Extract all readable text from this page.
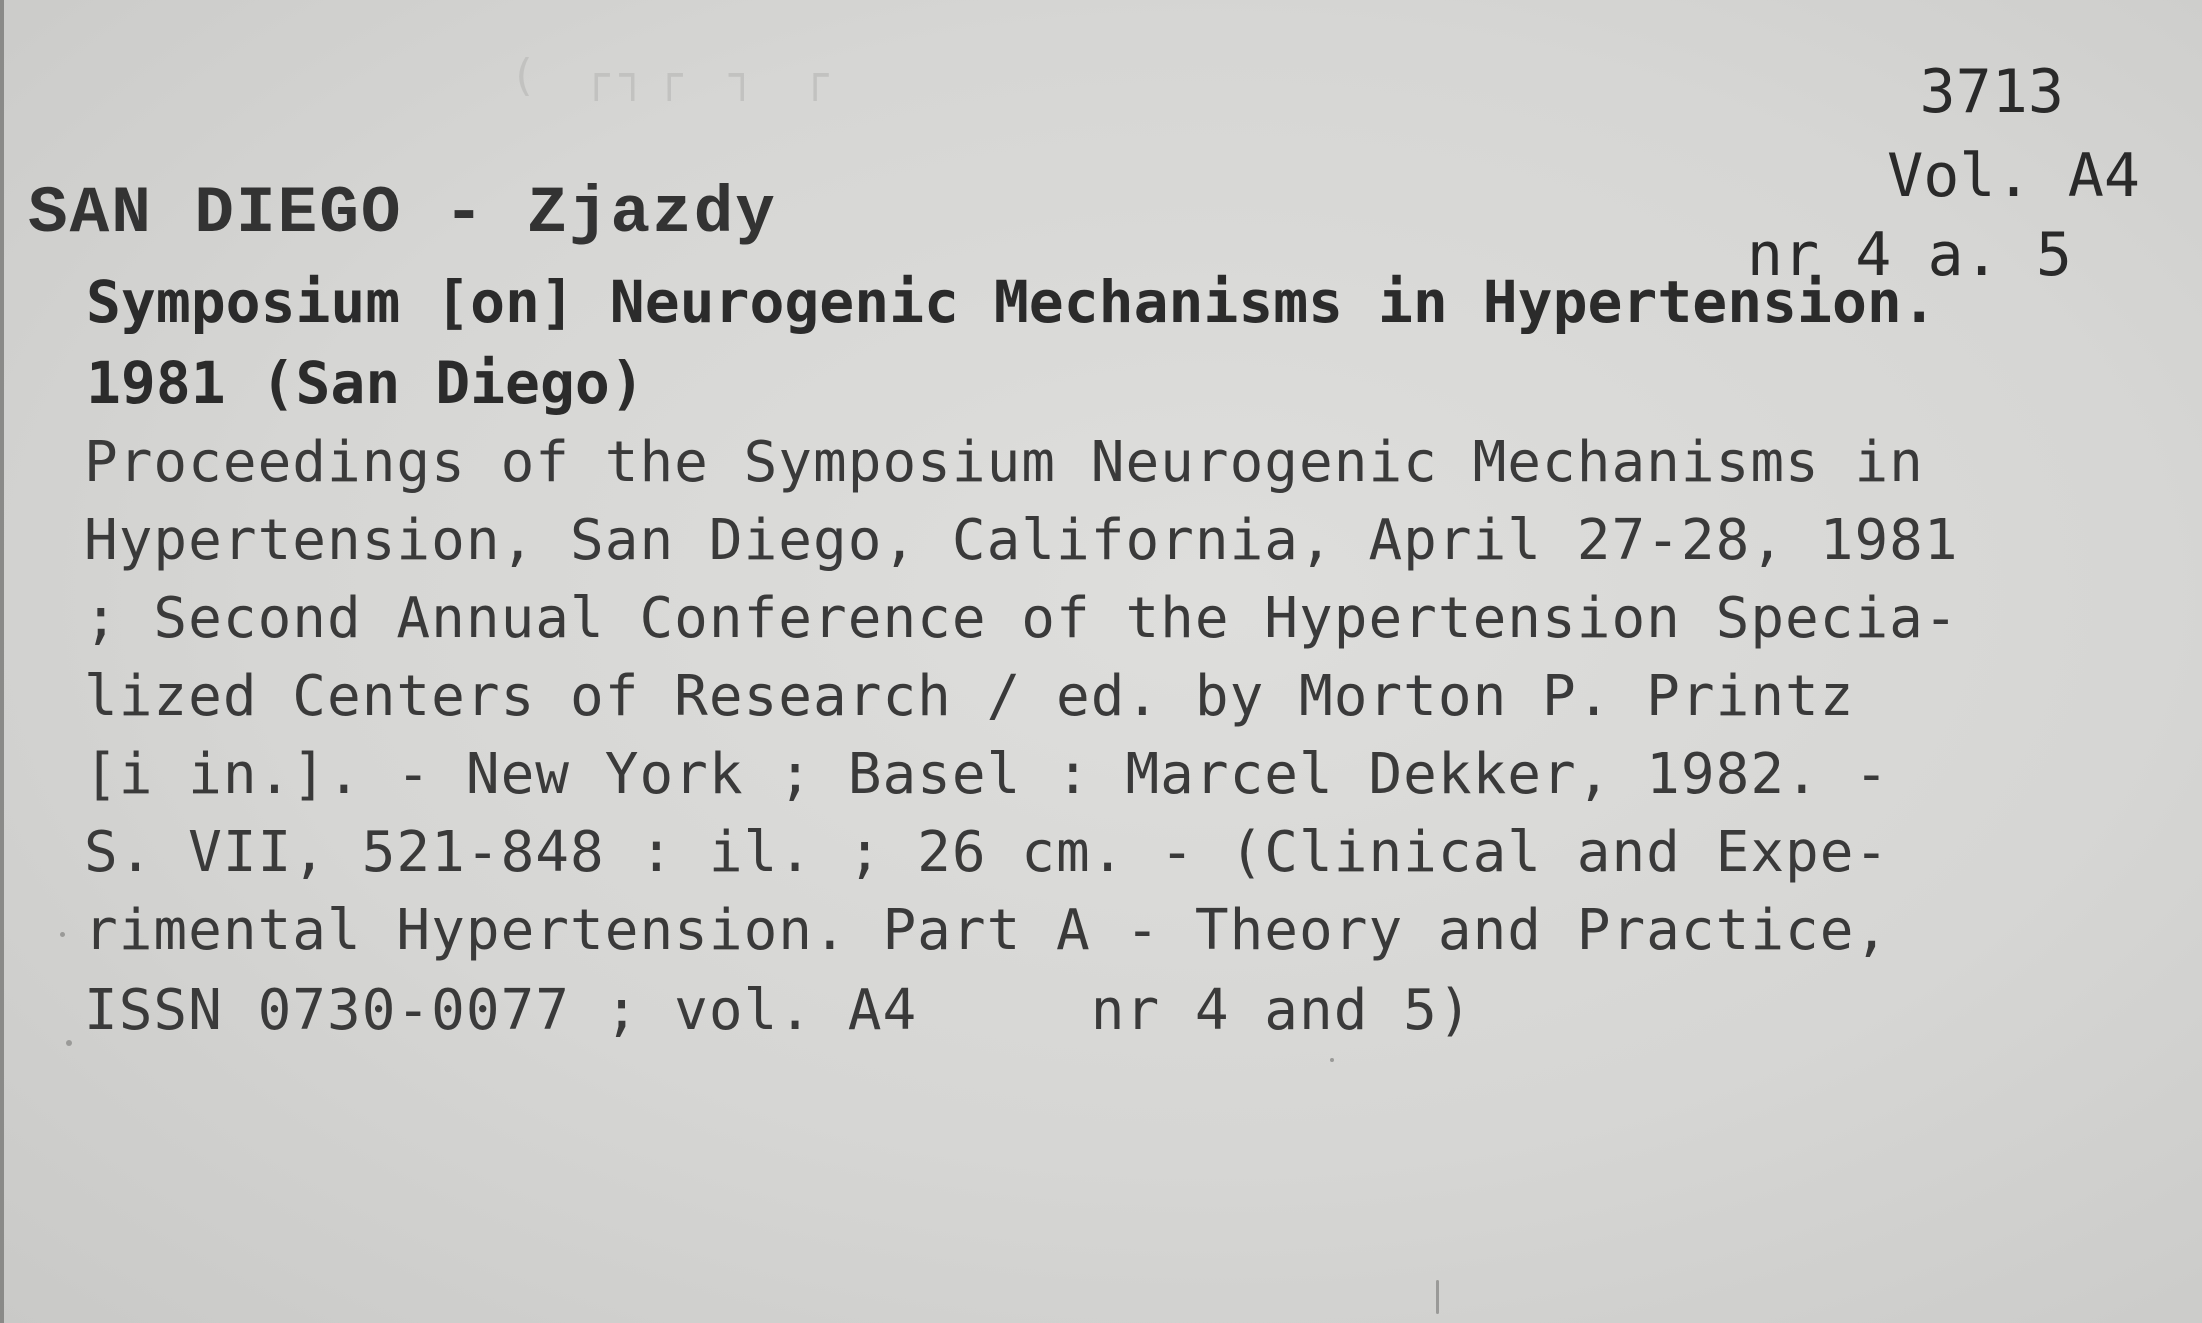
( ┌┐┌ ┐ ┌	3713
Vol. A4
nr 4 a. 5
SAN DIEGO - Zjazdy
Symposium [on] Neurogenic Mechanisms in Hypertension.
1981 (San Diego)
Proceedings of the Symposium Neurogenic Mechanisms in
Hypertension, San Diego, California, April 27-28, 1981
; Second Annual Conference of the Hypertension Specia-
lized Centers of Research / ed. by Morton P. Printz
[i in.]. - New York ; Basel : Marcel Dekker, 1982. -
S. VII, 521-848 : il. ; 26 cm. - (Clinical and Expe-
rimental Hypertension. Part A - Theory and Practice,
ISSN 0730-0077 ; vol. A4     nr 4 and 5)
